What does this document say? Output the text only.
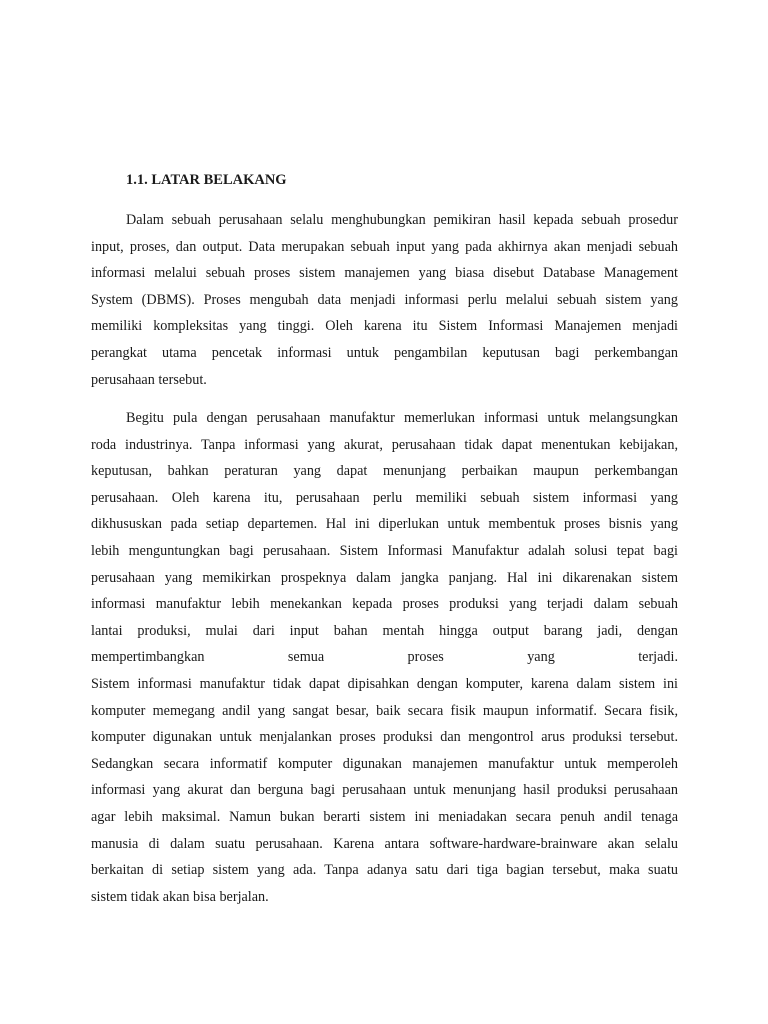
1.1. LATAR BELAKANG
Dalam sebuah perusahaan selalu menghubungkan pemikiran hasil kepada sebuah prosedur
input, proses, dan output. Data merupakan sebuah input yang pada akhirnya akan menjadi sebuah
informasi melalui sebuah proses sistem manajemen yang biasa disebut Database Management
System (DBMS). Proses mengubah data menjadi informasi perlu melalui sebuah sistem yang
memiliki kompleksitas yang tinggi. Oleh karena itu Sistem Informasi Manajemen menjadi
perangkat utama pencetak informasi untuk pengambilan keputusan bagi perkembangan
perusahaan tersebut.
Begitu pula dengan perusahaan manufaktur memerlukan informasi untuk melangsungkan
roda industrinya. Tanpa informasi yang akurat, perusahaan tidak dapat menentukan kebijakan,
keputusan, bahkan peraturan yang dapat menunjang perbaikan maupun perkembangan
perusahaan. Oleh karena itu, perusahaan perlu memiliki sebuah sistem informasi yang
dikhususkan pada setiap departemen. Hal ini diperlukan untuk membentuk proses bisnis yang
lebih menguntungkan bagi perusahaan. Sistem Informasi Manufaktur adalah solusi tepat bagi
perusahaan yang memikirkan prospeknya dalam jangka panjang. Hal ini dikarenakan sistem
informasi manufaktur lebih menekankan kepada proses produksi yang terjadi dalam sebuah
lantai produksi, mulai dari input bahan mentah hingga output barang jadi, dengan
mempertimbangkan semua proses yang terjadi.
Sistem informasi manufaktur tidak dapat dipisahkan dengan komputer, karena dalam sistem ini
komputer memegang andil yang sangat besar, baik secara fisik maupun informatif. Secara fisik,
komputer digunakan untuk menjalankan proses produksi dan mengontrol arus produksi tersebut.
Sedangkan secara informatif komputer digunakan manajemen manufaktur untuk memperoleh
informasi yang akurat dan berguna bagi perusahaan untuk menunjang hasil produksi perusahaan
agar lebih maksimal. Namun bukan berarti sistem ini meniadakan secara penuh andil tenaga
manusia di dalam suatu perusahaan. Karena antara software-hardware-brainware akan selalu
berkaitan di setiap sistem yang ada. Tanpa adanya satu dari tiga bagian tersebut, maka suatu
sistem tidak akan bisa berjalan.
